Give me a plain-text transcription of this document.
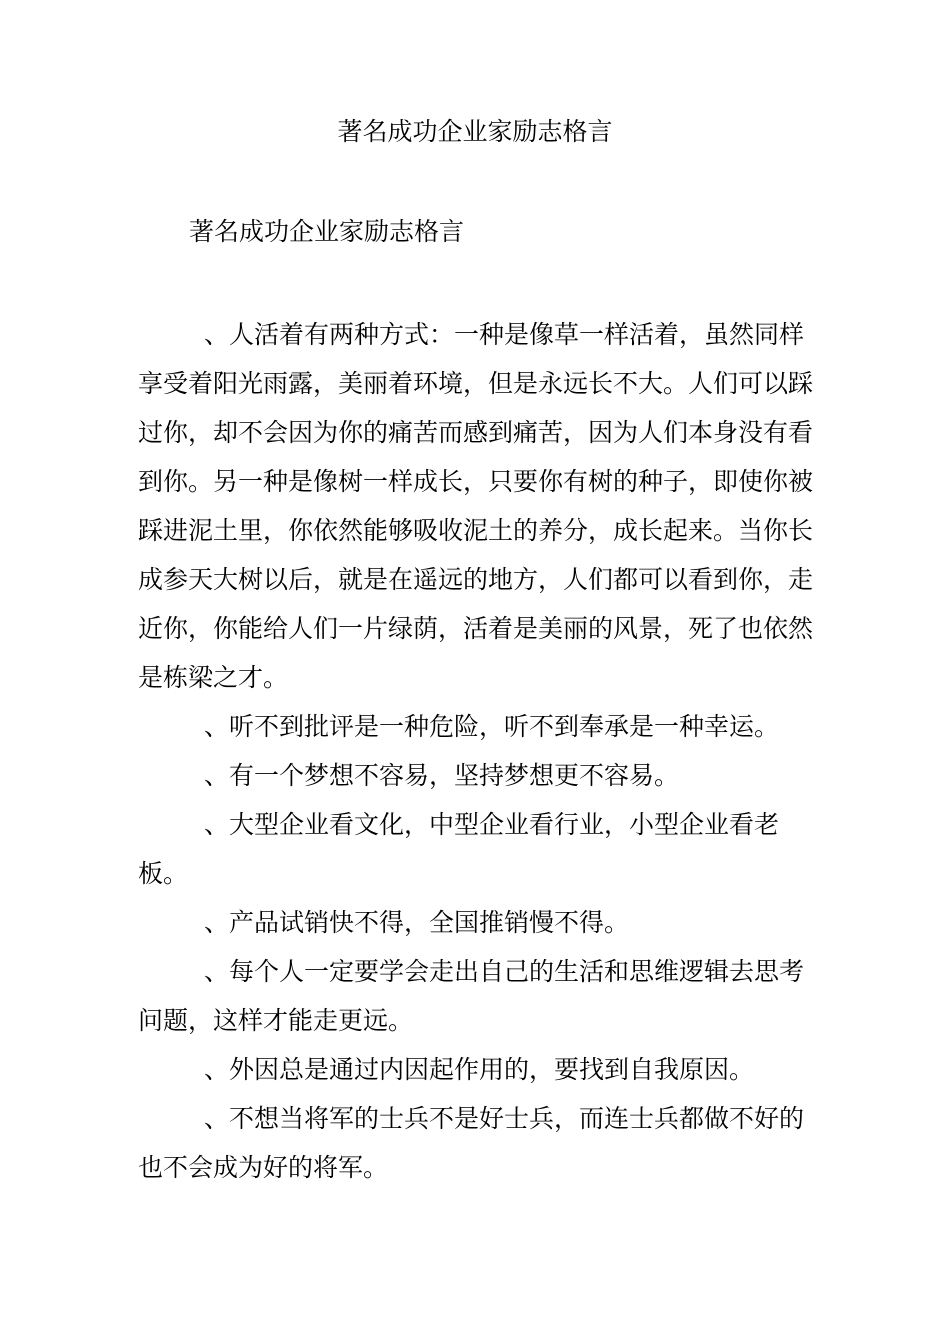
著名成功企业家励志格言
著名成功企业家励志格言

、人活着有两种方式：一种是像草一样活着，虽然同样享受着阳光雨露，美丽着环境，但是永远长不大。人们可以踩过你，却不会因为你的痛苦而感到痛苦，因为人们本身没有看到你。另一种是像树一样成长，只要你有树的种子，即使你被踩进泥土里，你依然能够吸收泥土的养分，成长起来。当你长成参天大树以后，就是在遥远的地方，人们都可以看到你，走近你，你能给人们一片绿荫，活着是美丽的风景，死了也依然是栋梁之才。

、听不到批评是一种危险，听不到奉承是一种幸运。

、有一个梦想不容易，坚持梦想更不容易。

、大型企业看文化，中型企业看行业，小型企业看老板。

、产品试销快不得，全国推销慢不得。

、每个人一定要学会走出自己的生活和思维逻辑去思考问题，这样才能走更远。

、外因总是通过内因起作用的，要找到自我原因。

、不想当将军的士兵不是好士兵，而连士兵都做不好的也不会成为好的将军。
